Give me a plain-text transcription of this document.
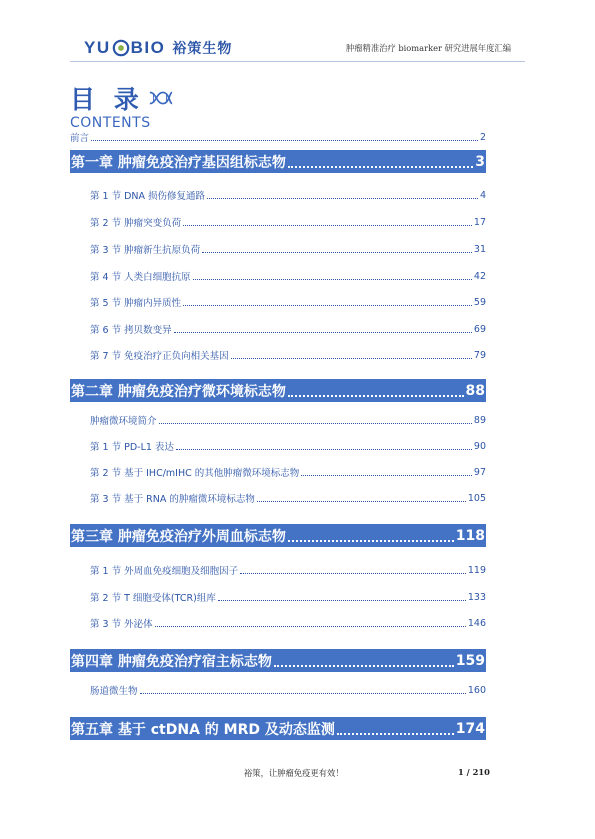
YU BIO 裕策生物	肿瘤精准治疗 biomarker 研究进展年度汇编
目 录
CONTENTS
前言	2
第一章 肿瘤免疫治疗基因组标志物	3
第 1 节 DNA 损伤修复通路	4
第 2 节 肿瘤突变负荷	17
第 3 节 肿瘤新生抗原负荷	31
第 4 节 人类白细胞抗原	42
第 5 节 肿瘤内异质性	59
第 6 节 拷贝数变异	69
第 7 节 免疫治疗正负向相关基因	79
第二章 肿瘤免疫治疗微环境标志物	88
肿瘤微环境简介	89
第 1 节 PD-L1 表达	90
第 2 节 基于 IHC/mIHC 的其他肿瘤微环境标志物	97
第 3 节 基于 RNA 的肿瘤微环境标志物	105
第三章 肿瘤免疫治疗外周血标志物	118
第 1 节 外周血免疫细胞及细胞因子	119
第 2 节 T 细胞受体(TCR)组库	133
第 3 节 外泌体	146
第四章 肿瘤免疫治疗宿主标志物	159
肠道微生物	160
第五章 基于 ctDNA 的 MRD 及动态监测	174
裕策，让肿瘤免疫更有效！	1 / 210
